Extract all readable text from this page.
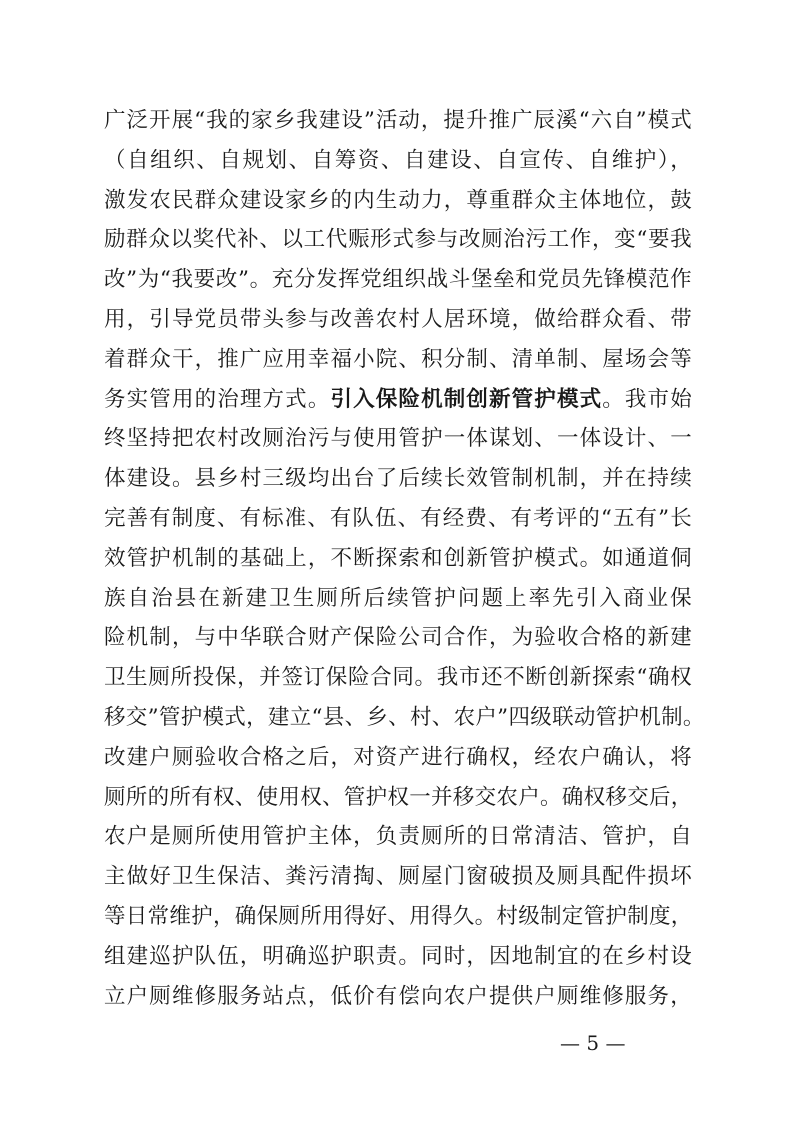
广泛开展“我的家乡我建设”活动，提升推广辰溪“六自”模式
（自组织、自规划、自筹资、自建设、自宣传、自维护），
激发农民群众建设家乡的内生动力，尊重群众主体地位，鼓
励群众以奖代补、以工代赈形式参与改厕治污工作，变“要我
改”为“我要改”。充分发挥党组织战斗堡垒和党员先锋模范作
用，引导党员带头参与改善农村人居环境，做给群众看、带
着群众干，推广应用幸福小院、积分制、清单制、屋场会等
务实管用的治理方式。引入保险机制创新管护模式。我市始
终坚持把农村改厕治污与使用管护一体谋划、一体设计、一
体建设。县乡村三级均出台了后续长效管制机制，并在持续
完善有制度、有标准、有队伍、有经费、有考评的“五有”长
效管护机制的基础上，不断探索和创新管护模式。如通道侗
族自治县在新建卫生厕所后续管护问题上率先引入商业保
险机制，与中华联合财产保险公司合作，为验收合格的新建
卫生厕所投保，并签订保险合同。我市还不断创新探索“确权
移交”管护模式，建立“县、乡、村、农户”四级联动管护机制。
改建户厕验收合格之后，对资产进行确权，经农户确认，将
厕所的所有权、使用权、管护权一并移交农户。确权移交后，
农户是厕所使用管护主体，负责厕所的日常清洁、管护，自
主做好卫生保洁、粪污清掏、厕屋门窗破损及厕具配件损坏
等日常维护，确保厕所用得好、用得久。村级制定管护制度，
组建巡护队伍，明确巡护职责。同时，因地制宜的在乡村设
立户厕维修服务站点，低价有偿向农户提供户厕维修服务，
— 5 —
